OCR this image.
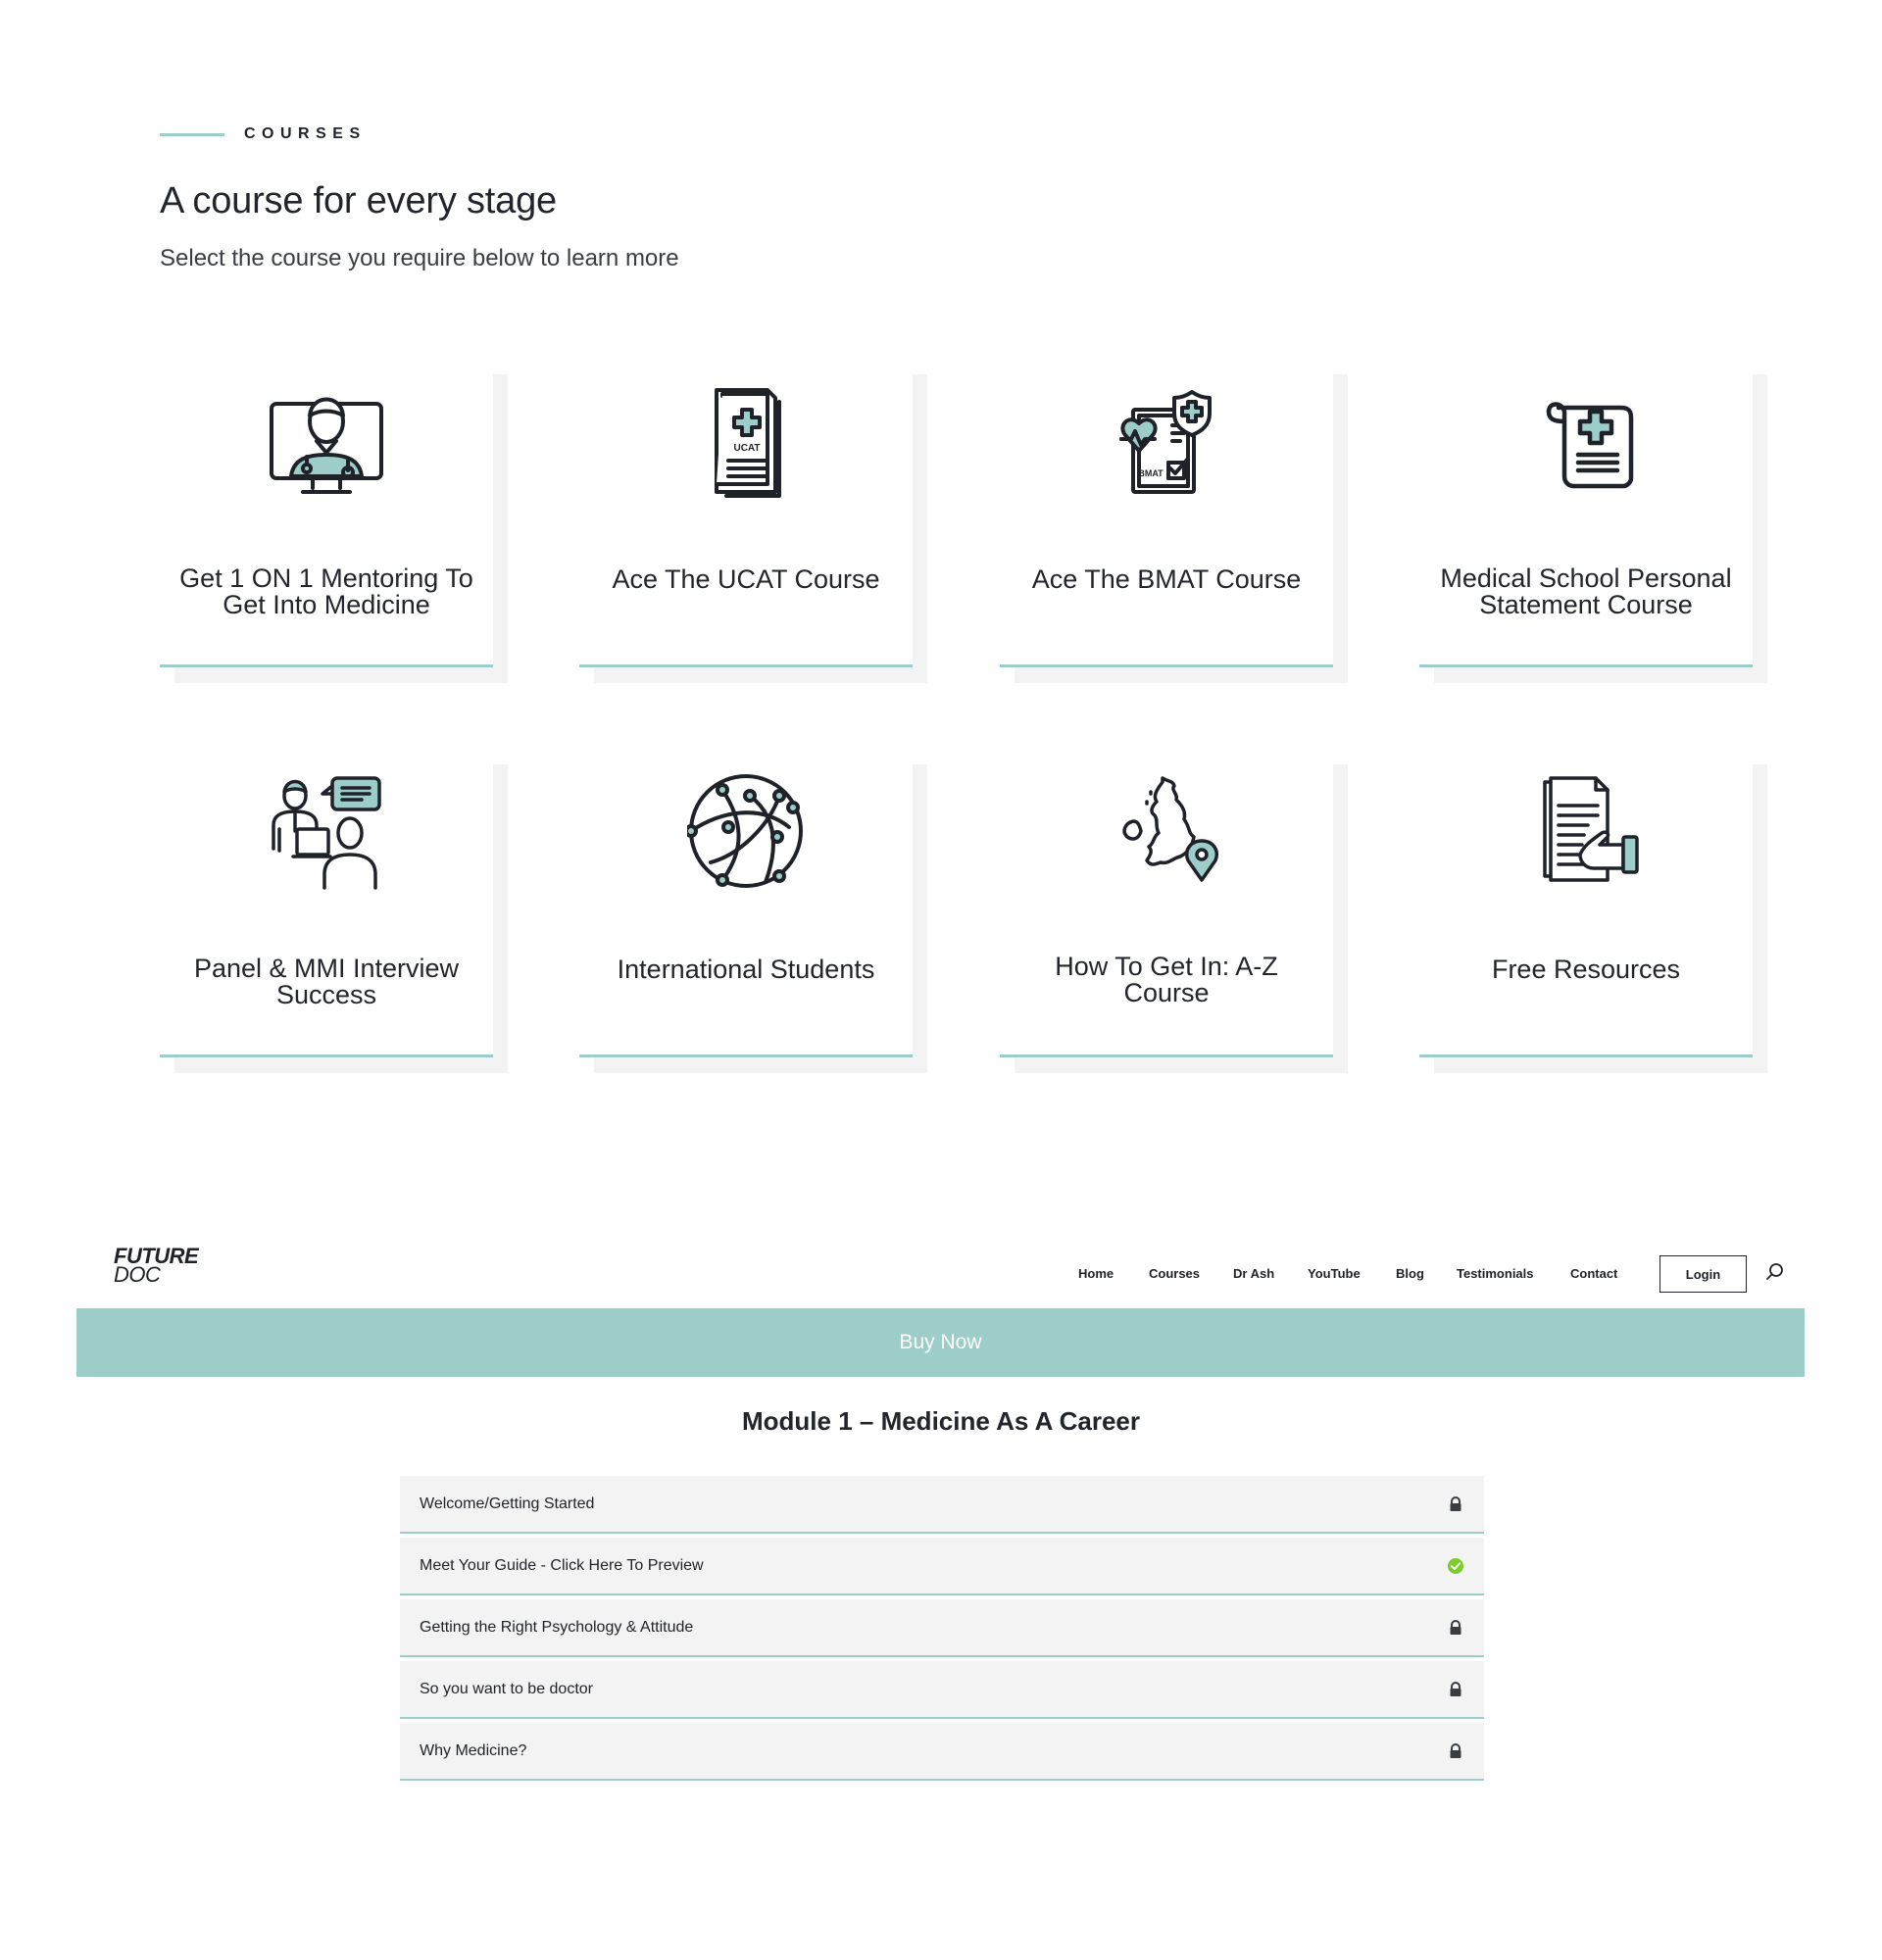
COURSES
A course for every stage

Select the course you require below to learn more

Get 1 ON 1 Mentoring To
Get Into Medicine
UCAT
Ace The UCAT Course
BMAT
Ace The BMAT Course	Medical School Personal
Statement Course
Panel & MMI Interview
Success
International Students	How To Get In: A-Z
Course
Free Resources
FUTURE
DOC	Home	Courses	Dr Ash	YouTube	Blog	Testimonials	Contact	Login
Buy Now
Module 1 – Medicine As A Career
Welcome/Getting Started
Meet Your Guide - Click Here To Preview
Getting the Right Psychology & Attitude
So you want to be doctor
Why Medicine?
